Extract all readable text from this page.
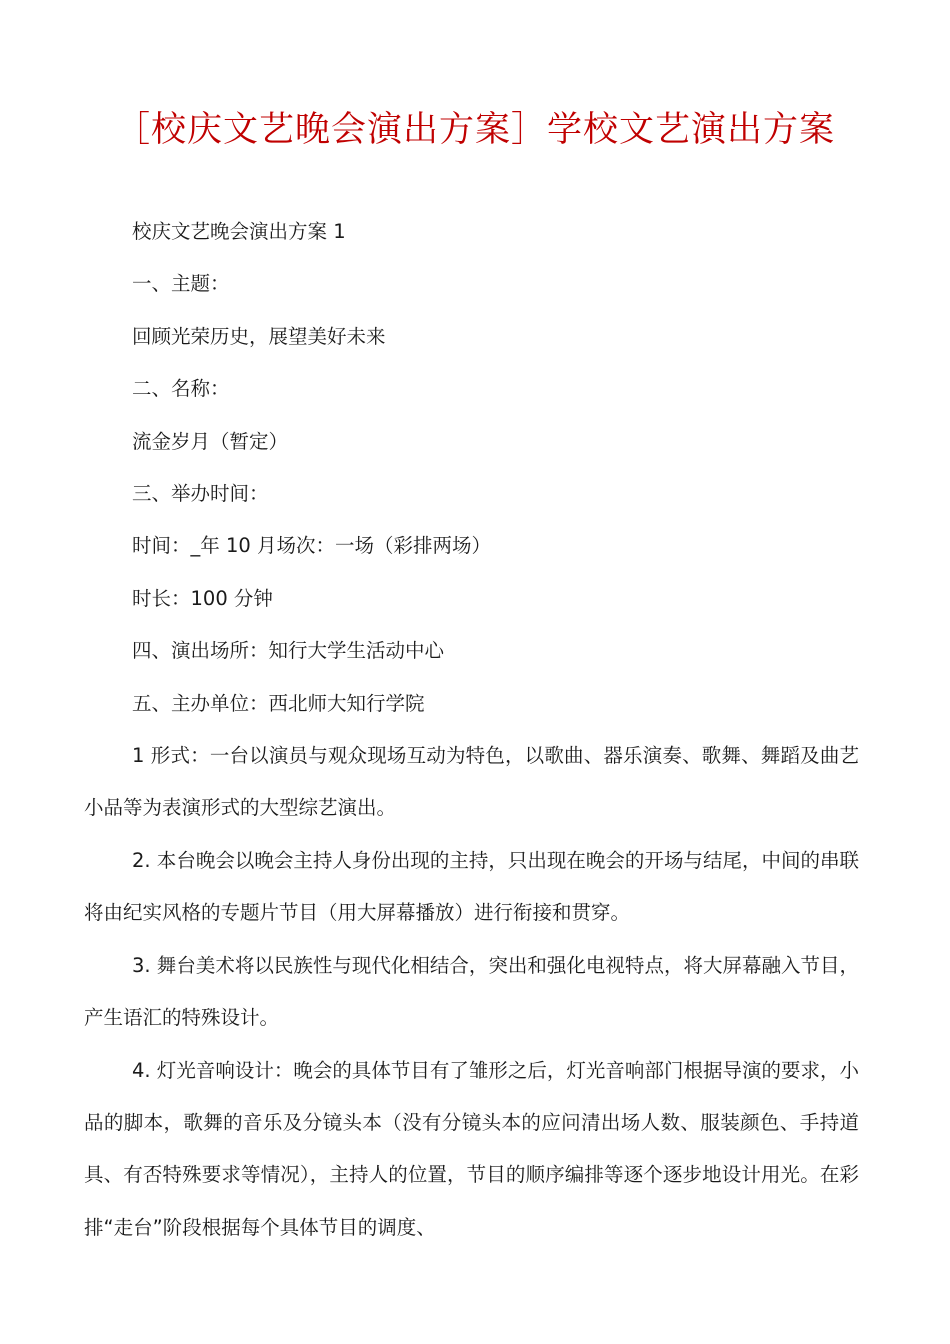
［校庆文艺晚会演出方案］学校文艺演出方案

校庆文艺晚会演出方案 1

一、主题：

回顾光荣历史，展望美好未来

二、名称：

流金岁月（暂定）

三、举办时间：

时间：_年 10 月场次：一场（彩排两场）

时长：100 分钟

四、演出场所：知行大学生活动中心

五、主办单位：西北师大知行学院

1 形式：一台以演员与观众现场互动为特色，以歌曲、器乐演奏、歌舞、舞蹈及曲艺小品等为表演形式的大型综艺演出。

2. 本台晚会以晚会主持人身份出现的主持，只出现在晚会的开场与结尾，中间的串联将由纪实风格的专题片节目（用大屏幕播放）进行衔接和贯穿。

3. 舞台美术将以民族性与现代化相结合，突出和强化电视特点，将大屏幕融入节目，产生语汇的特殊设计。

4. 灯光音响设计：晚会的具体节目有了雏形之后，灯光音响部门根据导演的要求，小品的脚本，歌舞的音乐及分镜头本（没有分镜头本的应问清出场人数、服装颜色、手持道具、有否特殊要求等情况），主持人的位置，节目的顺序编排等逐个逐步地设计用光。在彩排“走台”阶段根据每个具体节目的调度、
